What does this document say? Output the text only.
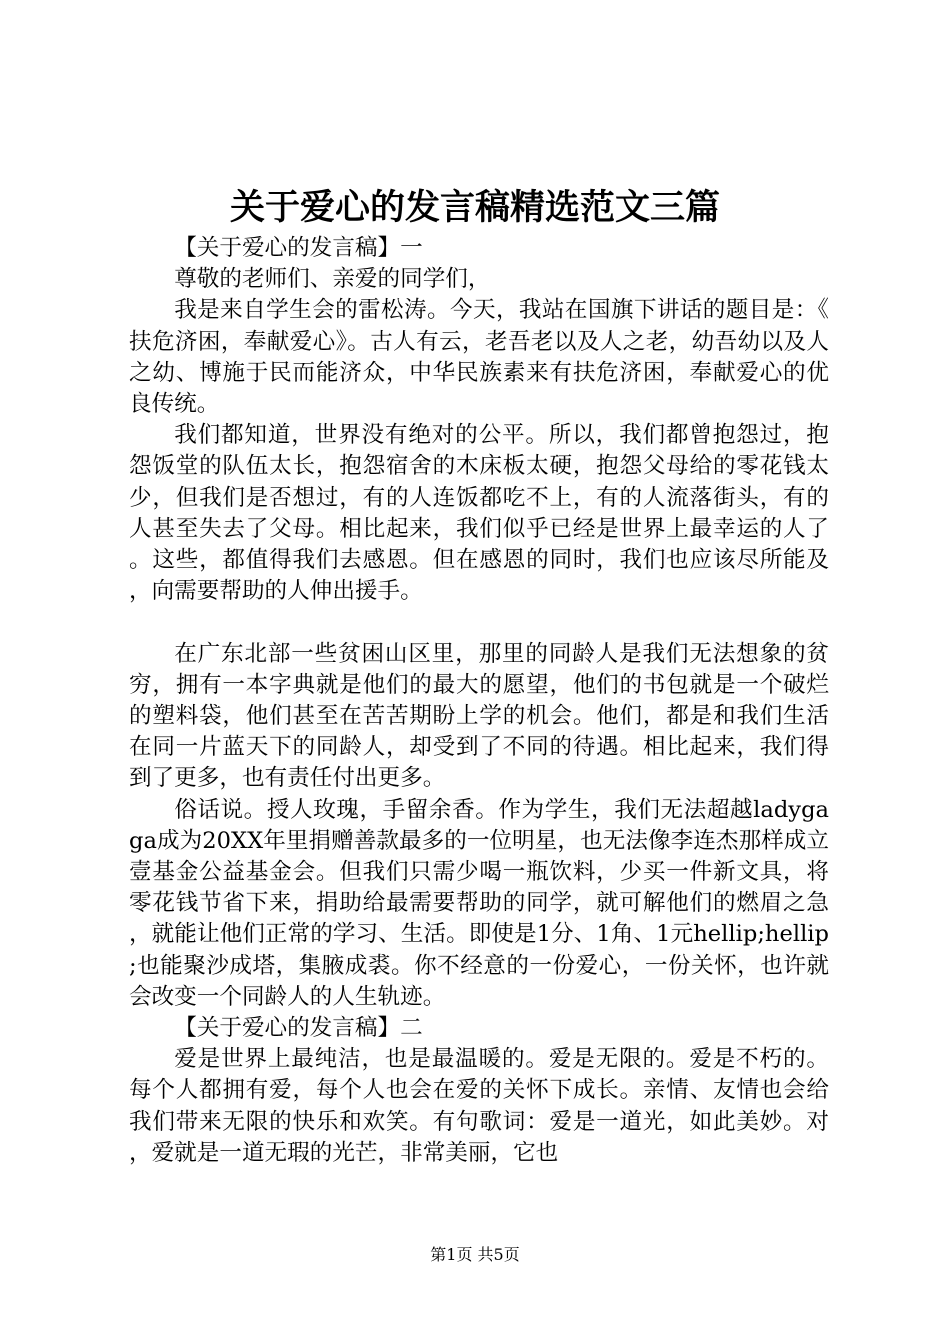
关于爱心的发言稿精选范文三篇

【关于爱心的发言稿】一

尊敬的老师们、亲爱的同学们，

我是来自学生会的雷松涛。今天，我站在国旗下讲话的题目是：《扶危济困，奉献爱心》。古人有云，老吾老以及人之老，幼吾幼以及人之幼、博施于民而能济众，中华民族素来有扶危济困，奉献爱心的优良传统。

我们都知道，世界没有绝对的公平。所以，我们都曾抱怨过，抱怨饭堂的队伍太长，抱怨宿舍的木床板太硬，抱怨父母给的零花钱太少，但我们是否想过，有的人连饭都吃不上，有的人流落街头，有的人甚至失去了父母。相比起来，我们似乎已经是世界上最幸运的人了。这些，都值得我们去感恩。但在感恩的同时，我们也应该尽所能及，向需要帮助的人伸出援手。

在广东北部一些贫困山区里，那里的同龄人是我们无法想象的贫穷，拥有一本字典就是他们的最大的愿望，他们的书包就是一个破烂的塑料袋，他们甚至在苦苦期盼上学的机会。他们，都是和我们生活在同一片蓝天下的同龄人，却受到了不同的待遇。相比起来，我们得到了更多，也有责任付出更多。

俗话说。授人玫瑰，手留余香。作为学生，我们无法超越ladygaga成为20XX年里捐赠善款最多的一位明星，也无法像李连杰那样成立壹基金公益基金会。但我们只需少喝一瓶饮料，少买一件新文具，将零花钱节省下来，捐助给最需要帮助的同学，就可解他们的燃眉之急，就能让他们正常的学习、生活。即使是1分、1角、1元hellip;hellip;也能聚沙成塔，集腋成裘。你不经意的一份爱心，一份关怀，也许就会改变一个同龄人的人生轨迹。

【关于爱心的发言稿】二

爱是世界上最纯洁，也是最温暖的。爱是无限的。爱是不朽的。每个人都拥有爱，每个人也会在爱的关怀下成长。亲情、友情也会给我们带来无限的快乐和欢笑。有句歌词：爱是一道光，如此美妙。对，爱就是一道无瑕的光芒，非常美丽，它也

第1页 共5页
